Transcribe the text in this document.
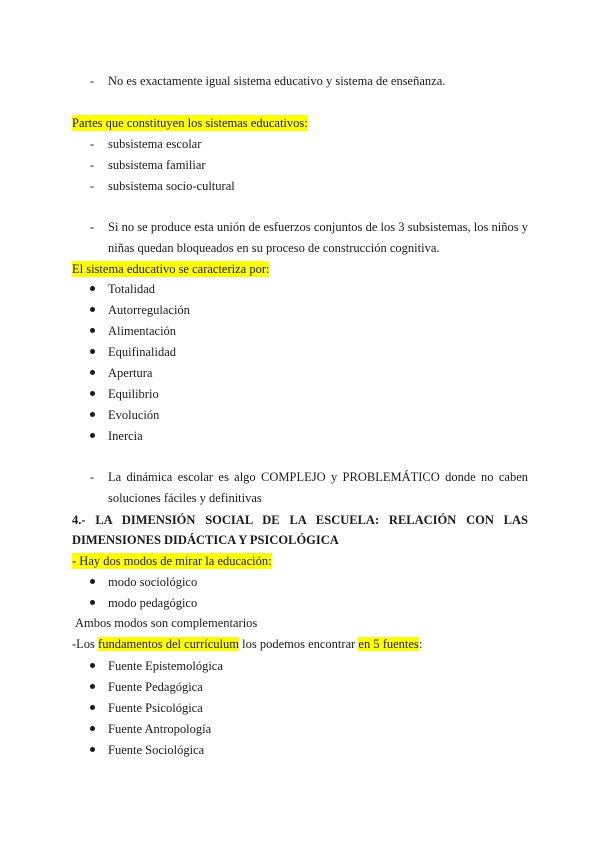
- No es exactamente igual sistema educativo y sistema de enseñanza.
Partes que constituyen los sistemas educativos:
- subsistema escolar
- subsistema familiar
- subsistema socio-cultural
- Si no se produce esta unión de esfuerzos conjuntos de los 3 subsistemas, los niños y
niñas quedan bloqueados en su proceso de construcción cognitiva.
El sistema educativo se caracteriza por:
Totalidad
Autorregulación
Alimentación
Equifinalidad
Apertura
Equilibrio
Evolución
Inercia
- La dinámica escolar es algo COMPLEJO y PROBLEMÁTICO donde no caben
soluciones fáciles y definitivas
4.- LA DIMENSIÓN SOCIAL DE LA ESCUELA: RELACIÓN CON LAS
DIMENSIONES DIDÁCTICA Y PSICOLÓGICA
- Hay dos modos de mirar la educación:
modo sociológico
modo pedagógico
Ambos modos son complementarios
-Los fundamentos del currículum los podemos encontrar en 5 fuentes:
Fuente Epistemológica
Fuente Pedagógica
Fuente Psicológica
Fuente Antropología
Fuente Sociológica
